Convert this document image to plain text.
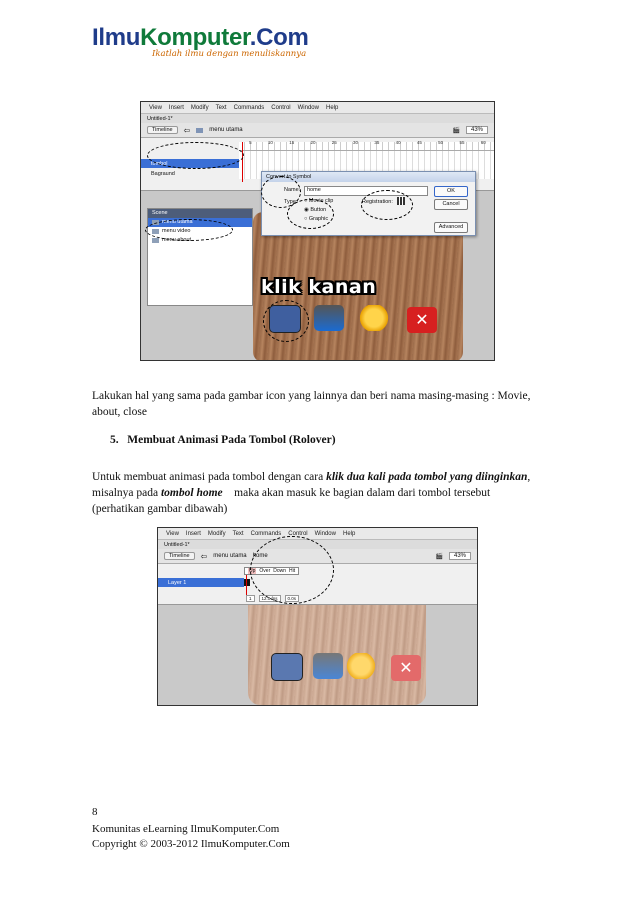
IlmuKomputer.Com
Ikatlah ilmu dengan menuliskannya
View Insert Modify Text Commands Control Window Help
Untitled-1*
Timeline	⇦	menu utama	🎬	43%
5	10	15	20	25	30	35	40	45	50	55	60
tombol
Bagraund
Scene
menu utama
menu video
menu about
✕
klik kanan
Convert to Symbol
Name:	home
Type: ○ Movie clip
◉ Button
○ Graphic
Registration:
OK
Cancel
Advanced
Lakukan hal yang sama pada gambar icon yang lainnya dan beri nama masing-masing : Movie, about, close
5. Membuat Animasi Pada Tombol (Rolover)
Untuk membuat animasi pada tombol dengan cara klik dua kali pada tombol yang diinginkan,
misalnya pada tombol home    maka akan masuk ke bagian dalam dari tombol tersebut
(perhatikan gambar dibawah)
View Insert Modify Text Commands Control Window Help
Untitled-1*
Timeline	⇦ menu utama home	🎬	43%
Up Over Down Hit
Layer 1
1	12.0 fps	0.0s
✕
8
Komunitas eLearning IlmuKomputer.Com
Copyright © 2003-2012 IlmuKomputer.Com
